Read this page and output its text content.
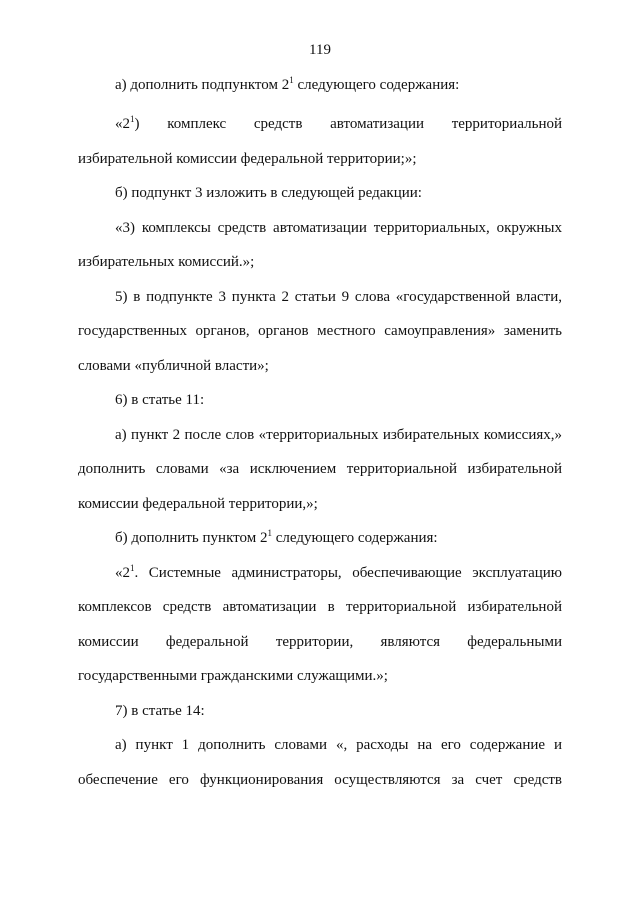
119
а) дополнить подпунктом $2^1$ следующего содержания:
«$2^1$) комплекс средств автоматизации территориальной
избирательной комиссии федеральной территории;»;
б) подпункт 3 изложить в следующей редакции:
«3) комплексы средств автоматизации территориальных, окружных
избирательных комиссий.»;
5) в подпункте 3 пункта 2 статьи 9 слова «государственной власти,
государственных органов, органов местного самоуправления» заменить
словами «публичной власти»;
6) в статье 11:
а) пункт 2 после слов «территориальных избирательных комиссиях,»
дополнить словами «за исключением территориальной избирательной
комиссии федеральной территории,»;
б) дополнить пунктом $2^1$ следующего содержания:
«$2^1$. Системные администраторы, обеспечивающие эксплуатацию
комплексов средств автоматизации в территориальной избирательной
комиссии федеральной территории, являются федеральными
государственными гражданскими служащими.»;
7) в статье 14:
а) пункт 1 дополнить словами «, расходы на его содержание и
обеспечение его функционирования осуществляются за счет средств
